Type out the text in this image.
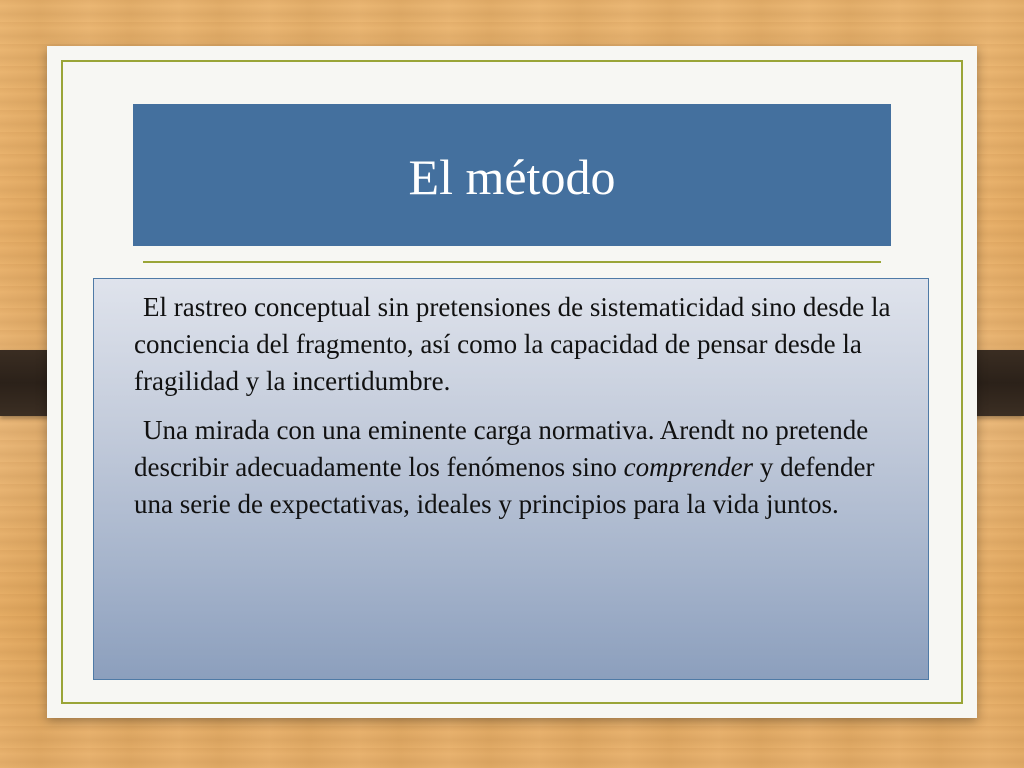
El método

El rastreo conceptual sin pretensiones de sistematicidad sino desde la conciencia del fragmento, así como la capacidad de pensar desde la fragilidad y la incertidumbre.

Una mirada con una eminente carga normativa. Arendt no pretende describir adecuadamente los fenómenos sino comprender y defender una serie de expectativas, ideales y principios para la vida juntos.
